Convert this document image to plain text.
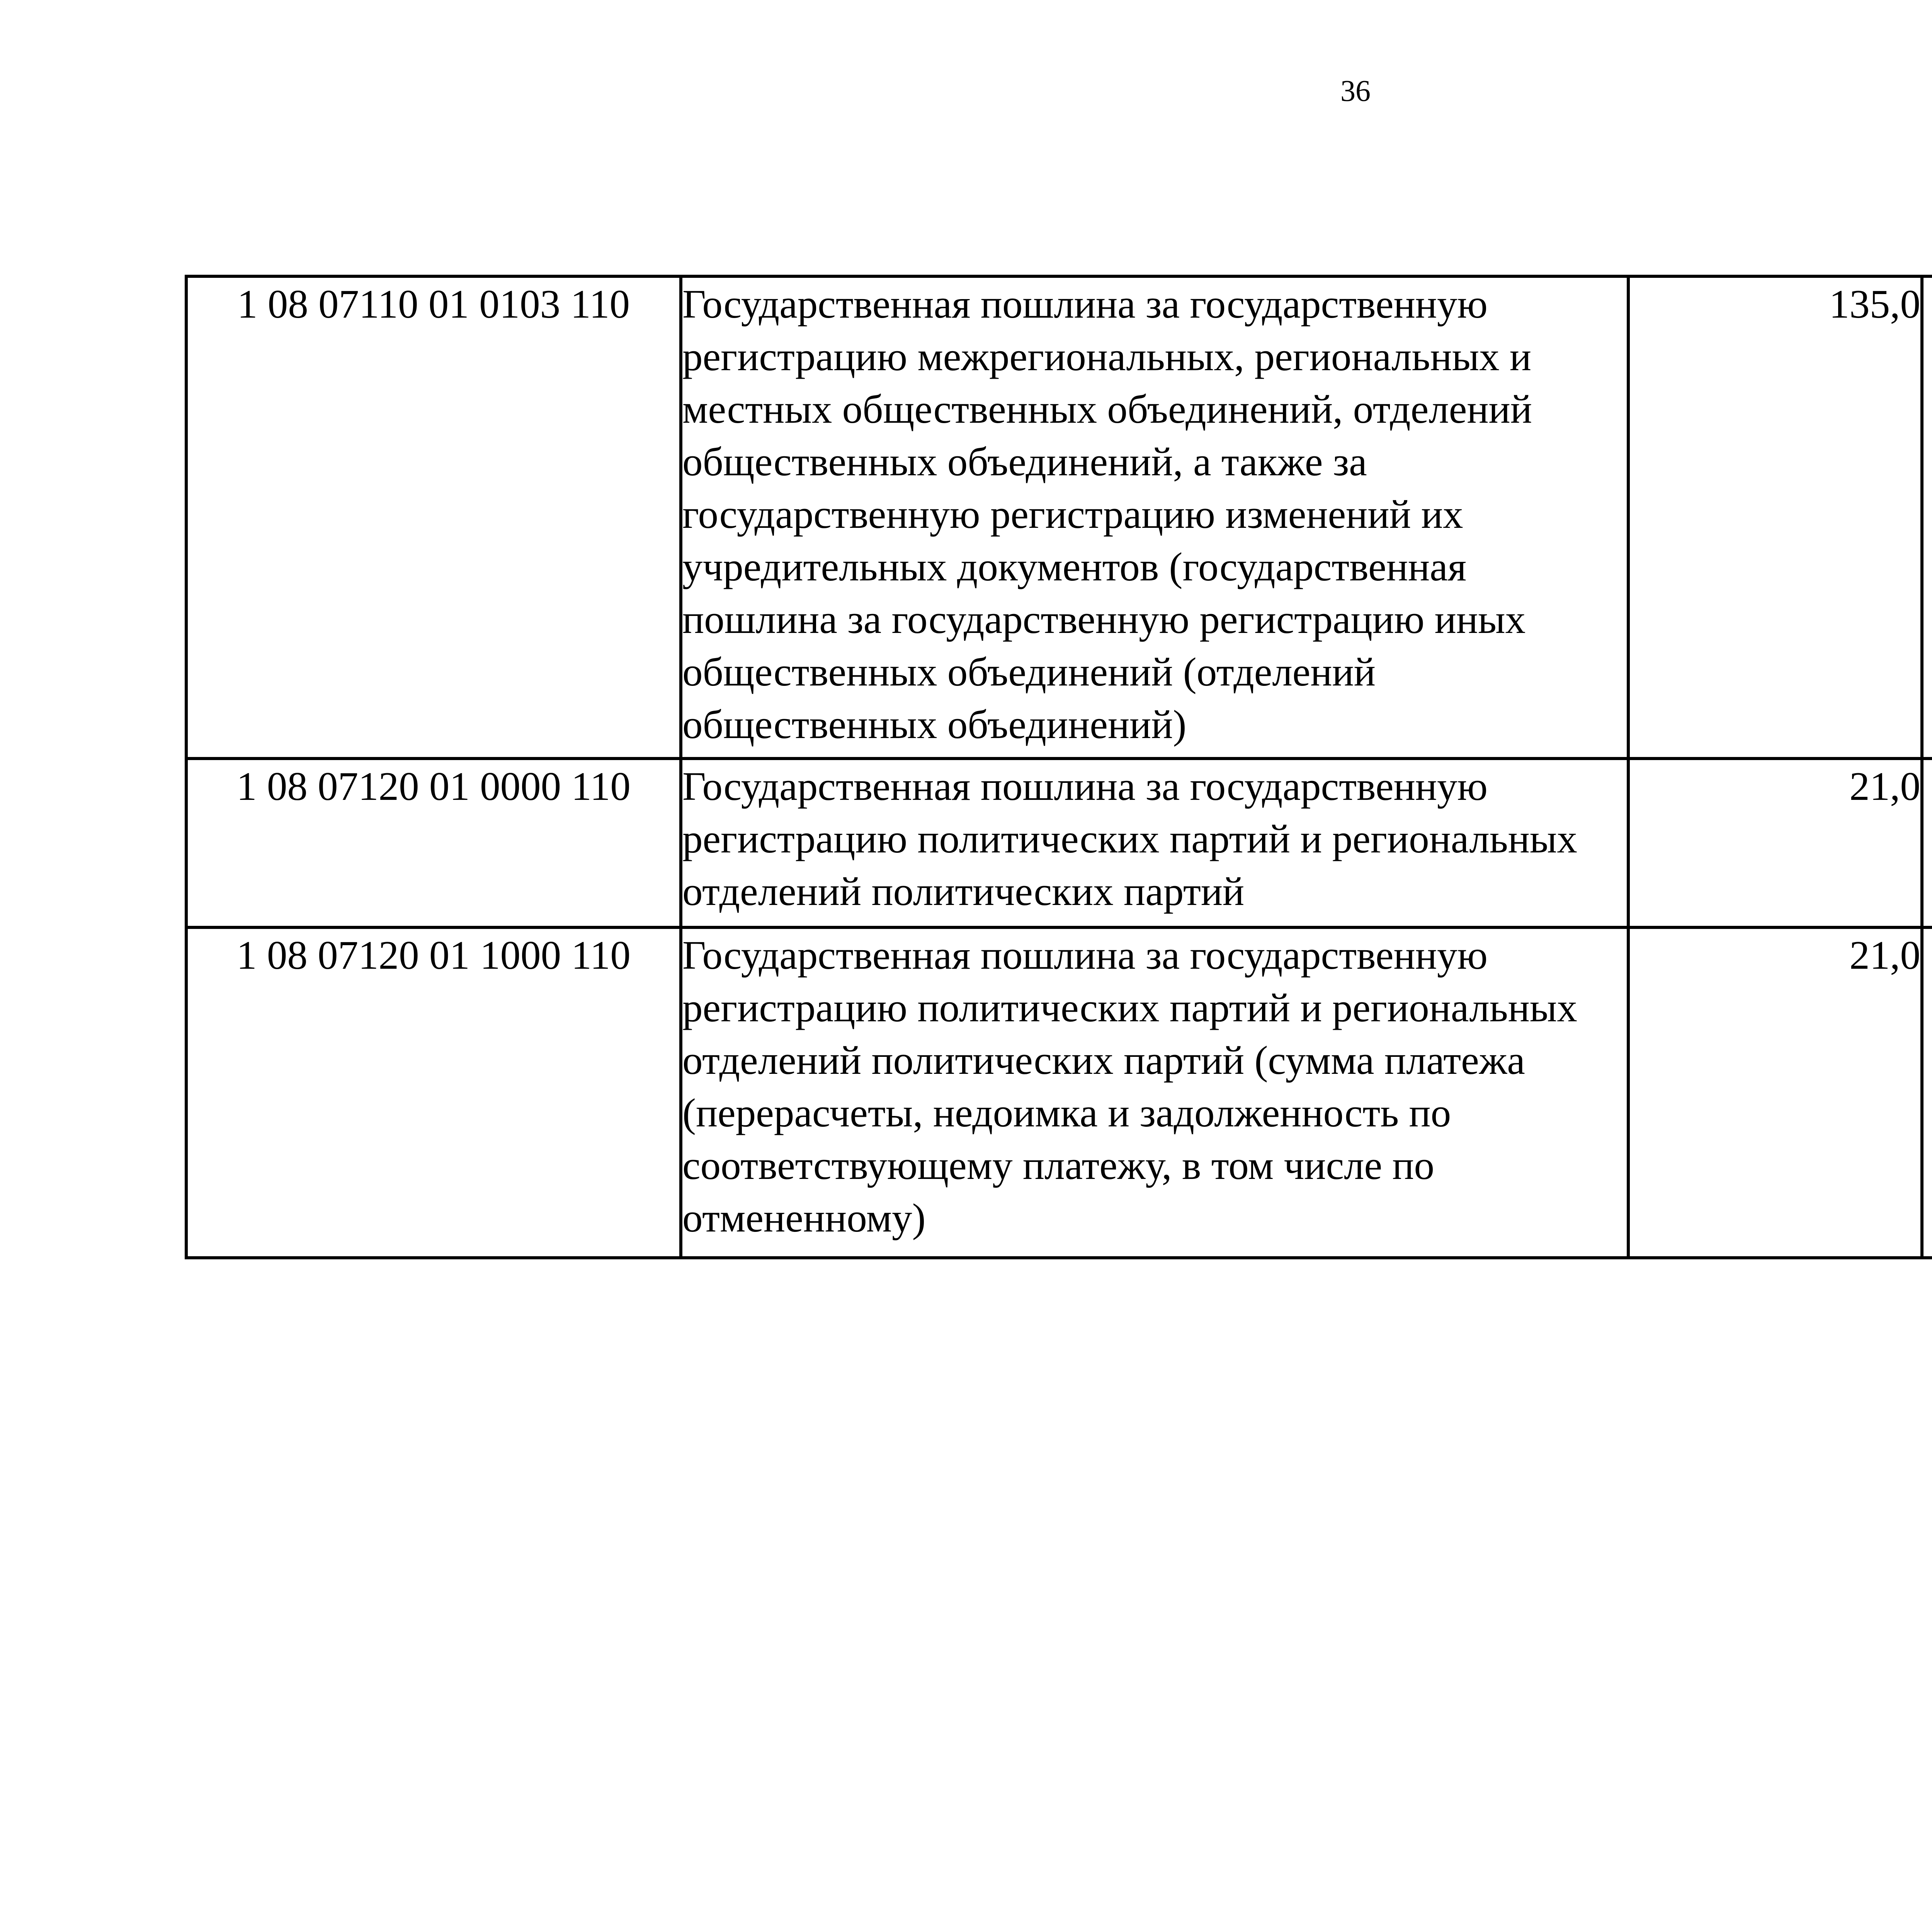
36
1 08 07110 01 0103 110	Государственная пошлина за государственную регистрацию межрегиональных, региональных и местных общественных объединений, отделений общественных объединений, а также за государственную регистрацию изменений их учредительных документов (государственная пошлина за государственную регистрацию иных общественных объединений (отделений общественных объединений)	135,0		
1 08 07120 01 0000 110	Государственная пошлина за государственную регистрацию политических партий и региональных отделений политических партий	21,0		
1 08 07120 01 1000 110	Государственная пошлина за государственную регистрацию политических партий и региональных отделений политических партий (сумма платежа (перерасчеты, недоимка и задолженность по соответствующему платежу, в том числе по отмененному)	21,0		
